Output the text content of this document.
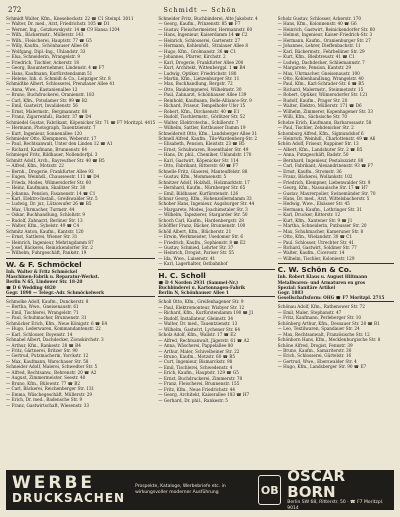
272	Schmidt — Schön
Schmidt Walter, Kfm., Knesebeckstr. 22 ☎ C1 Steinpl. 3011
— Walter, Dr. med., Arzt, Friedrichstr. 105 ☎ D1
— Werner, Ing., Gotzkowskystr. 14 ☎ C9 Hansa 1204
— Wilh., Bäckermstr., Müllerstr. 143
— Wilh., Fleischerei, Hauptstr. 77 ☎ G5
— Willy, Kaufm., Schönhauser Allee 60
— Wolfgang, Dipl.-Ing., Uhlandstr. 33
— Elsa, Schneiderin, Wrangelstr. 9
— Friedrich, Tischler, Ackerstr. 18
— Georg, Bauunternehmer, Lindenstr. 4 ☎ F7
— Hans, Kaufmann, Kurfürstendamm 51
— Helene, Inh. d. Schmidt & Co., Leipziger Str. 8
Schmidtke Albert, Schlosserei, Prenzlauer Allee 41
— Anna, Wwe., Kastanienallee 12
— Bruno, Buchdruckerei, Oranienstr. 183
— Carl, Kfm., Potsdamer Str. 99 ☎ B2
— Emil, Gastwirt, Invalidenstr. 56
— Ernst, Malermstr., Bergmannstr. 88
— Franz, Zigarrenhdl., Badstr. 37 ☎ D4
Schmiedel Gustav, Fabrikant, Köpenicker Str. 71 ☎ F7 Moritzpl. 4415
— Hermann, Photograph, Tauentzienstr. 7
— Kurt, Ingenieur, Sonnenallee 120
Schmieder Otto, Klempnerei, Weberstr. 17
— Paul, Rechtsanwalt, Unter den Linden 12 ☎ A1
— Richard, Kaufmann, Brunnenstr. 64
Schmiegel Fritz, Bildhauer, Nollendorfpl. 3
Schmitt Adolf, Arch., Bayreuther Str. 40 ☎ B5
— Alfred, Kfm., Motzstr. 22
— Bernh., Drogerie, Frankfurter Allee 93
— Eugen, Weinhdl., Chausseestr. 111 ☎ D4
— Frieda, Modes, Wilmersdorfer Str. 60
— Heinz, Kaufmann, Skalitzer Str. 30
— Johanna, Pension, Fasanenstr. 14 ☎ C1
— Karl, Elektro-Install., Greifswalder Str. 5
— Ludwig, Dr. jur., Lützowufer 26 ☎ B5
— Max, Uhrmacher, Turmstr. 44
— Oskar, Buchhandlung, Schloßstr. 9
— Rudolf, Zahnarzt, Berliner Str. 13
— Walter, Kfm., Sybelstr. 49 ☎ C4
Schmitz Anton, Kaufm., Kantstr. 120
— Ernst, Sattlerei, Wiener Str. 31
— Heinrich, Ingenieur, Mehringdamm 87
— Josef, Bäckerei, Reinickendorfer Str. 2
— Wilhelm, Fuhrgeschäft, Pankstr. 19
W. & F. Schmöckel
Inh. Walter & Fritz Schmöckel
Maschinen-Fabrik u. Reparatur-Werkst.
Berlin N 65, Lindower Str. 18-20
☎ D 6 Wedding 4820
Gegr. 1898 — Telegr.-Adr. Schmöckelwerk
Schmolke Adolf, Kaufm., Dunckerstr. 8
— Bertha, Wwe., Gneisenaustr. 61
— Emil, Tischlerei, Wrangelstr. 71
— Paul, Schuhmacher, Brunnenstr. 31
Schmücker Erich, Kfm., Neue Königstr. 6 ☎ E4
— Hugo, Lederwaren, Kommandantenstr. 22
— Karl, Schlosser, Boyenstr. 14
Schnabel Albert, Dachdecker, Zionskirchstr. 3
— Arthur, Kfm., Rankestr. 28 ☎ B4
— Fritz, Gärtnerei, Britzer Str. 90
— Gertrud, Putzmacherin, Yorckstr. 12
— Max, Kaufmann, Warschauer Str. 58
Schneider Adolf, Malerei, Schwedter Str. 5
— Alfred, Rechtsanw., Behrenstr. 20 ☎ A2
— August, Zimmermeister, Seestr. 40
— Bruno, Kfm., Bülowstr. 77 ☎ B2
— Carl, Bäckerei, Reichenberger Str. 131
— Emma, Wäschegeschäft, Müllerstr. 29
— Erich, Dr. med., Badensche Str. 9
— Franz, Gastwirtschaft, Wiesenstr. 33
Schneider Fritz, Buchbinderei, Alte Jakobstr. 4
— Georg, Kaufm., Prinzenstr. 85 ☎ F7
— Gustav, Fleischermeister, Hermannstr. 60
— Hans, Ingenieur, Kaiserdamm 14 ☎ C2
— Heinrich, Schlosserei, Gartenstr. 27
— Hermann, Kohlenhdl., Stralauer Allee 8
— Hugo, Kfm., Grolmanstr. 36 ☎ C1
— Johannes, Pfarrer, Kirchstr. 2
— Karl, Drogerie, Frankfurter Allee 200
— Kurt, Architekt, Wittenbergpl. 1 ☎ B4
— Ludwig, Optiker, Friedrichstr. 180
— Martin, Kfm., Lietzenburger Str. 11
— Max, Buchhandlung, Bergstr. 72
— Otto, Bauklempnerei, Wilhelmstr. 30
— Paul, Zahnarzt, Schönhauser Allee 139
— Reinhold, Kaufmann, Belle-Alliance-Str. 9
— Richard, Friseur, Tempelhofer Ufer 15
— Robert, Kfm., Dircksenstr. 40 ☎ E1
— Rudolf, Tischlermstr., Görlitzer Str. 52
— Walter, Elektrotechn., Schillerstr. 7
— Wilhelm, Sattler, Kottbusser Damm 19
Schneidereit Otto, Kfm., Landsberger Allee 31
Schnell Alfred, Kaufm., Tile-Wardenberg-Str. 2
— Elisabeth, Pension, Kleiststr. 23 ☎ B5
— Ernst, Schuhwaren, Rosenthaler Str. 49
— Hans, Dr. phil., Chemiker, Uhlandstr. 170
— Karl, Gastwirt, Köpenicker Str. 114
— Otto, Fabrikant, Ritterstr. 60 ☎ F7
Schnelle Fritz, Glaserei, Manteuffelstr. 88
— Gustav, Kfm., Mommsenstr. 5
Schnitzer Adolf, Holzhdl., Holzmarktstr. 17
— Bernhard, Kaufm., Nürnberger Str. 65
— Emil, Bildhauer, Kurfürstenstr. 126
Schnur Georg, Kfm., Hohenzollerndamm 33
Schober Hans, Ingenieur, Augsburger Str. 44
— Margarete, Modes, Joachimstaler Str. 3
— Wilhelm, Tapezierer, Stargarder Str. 50
Schoch Carl, Kaufm., Hardenbergstr. 28
Schöffler Franz, Bäcker, Brunnenstr. 100
Schöll Albert, Kfm., Blücherstr. 21
— Erwin, Werkmeister, Usedomer Str. 6
— Friedrich, Kaufm., Sophienstr. 8 ☎ E2
— Gustav, Schmied, Lehrter Str. 37
— Heinrich, Drogist, Pariser Str. 55
— Ida, Wwe., Luisenstr. 41
— Karl, Lagerhalter, Ostbahnhof
H. C. Scholl
☎ D 4 Norden 2931 (Sammel-Nr.)
Buchbinderei u. Kartonnagen-Fabrik
Berlin N, Schönhauser Allee 1
Scholl Otto, Kfm., Greifenhagener Str. 9
— Paul, Elektromonteur, Wisbyer Str. 12
— Richard, Kfm., Kurfürstendamm 190 ☎ J1
— Rudolf, Installateur, Gleimstr. 34
— Walter, Dr. med., Tauentzienstr. 13
— Wilhelm, Gastwirt, Lychener Str. 64
Scholz Adolf, Kfm., Wallstr. 17 ☎ E2
— Alfred, Rechtsanwalt, Jägerstr. 61 ☎ A2
— Anna, Wäscherei, Pappelallee 80
— Arthur, Maler, Schivelbeiner Str. 22
— Bruno, Kaufm., Motzstr. 60 ☎ B5
— Curt, Ingenieur, Bismarckstr. 98
— Emil, Tischlerei, Schwedenstr. 4
— Erich, Kaufm., Hauptstr. 129 ☎ G5
— Ernst, Buchdruckerei, Zimmerstr. 78
— Franz, Fleischerei, Brunnenstr. 155
— Fritz, Kfm., Neue Friedrichstr. 44
— Georg, Architekt, Kaiserallee 183 ☎ H7
— Gerhard, Dr. phil., Rankestr. 5
Scholz Gustav, Schlosser, Ackerstr. 170
— Hans, Kfm., Kolonnenstr. 40 ☎ G6
— Heinrich, Gastwirt, Reinickendorfer Str. 60
— Helmut, Ingenieur, Kaiser-Friedrich-Str. 3
— Hermann, Kaufm., Oranienburger Str. 27
— Johannes, Lehrer, Dieffenbachstr. 11
— Karl, Bäckermstr., Fehrbelliner Str. 29
— Kurt, Kfm., Bleibtreustr. 41 ☎ C1
— Ludwig, Dachdecker, Schliemannstr. 7
— Margarete, Pension, Kantstr. 29
— Max, Uhrmacher, Gneisenaustr. 100
— Otto, Kohlenhandlung, Wrangelstr. 40
— Paul, Kfm., Karl-Schrader-Str. 6 ☎ B5
— Richard, Malermstr., Steinmetzstr. 15
— Robert, Optiker, Wilmersdorfer Str. 121
— Rudolf, Kaufm., Prager Str. 20
— Walter, Elektro, Müllerstr. 171 ☎ D6
— Wilhelm, Zimmerer, Kopenhagener Str. 33
— Willi, Kfm., Sächsische Str. 70
Scholze Erich, Kaufmann, Barbarossastr. 58
— Paul, Tischler, Zehdenicker Str. 2
Schomburg Alfred, Kfm., Sigmundshof 6
— Heinrich, Weinhdl., Charlottenstr. 49 ☎ A6
Schön Adolf, Friseur, Ruppiner Str. 13
— Albert, Kfm., Landshuter Str. 2 ☎ B5
— Anna, Putzgeschäft, Badstr. 50
— Bernhard, Ingenieur, Pestalozzistr. 88
— Carl, Fabrikant, Alexandrinenstr. 93 ☎ F7
— Ernst, Kaufm., Stromstr. 36
— Franz, Bäckerei, Wollankstr. 102
— Friedrich, Klempner, Liebenwalder Str. 9
— Georg, Kfm., Nassauische Str. 17 ☎ H7
— Gustav, Maurerpolier, Swinemünder Str. 70
— Hans, Dr. med., Arzt, Wittelsbacherstr. 5
— Hedwig, Wwe., Elsässer Str. 45
— Hermann, Kaufm., Lothringer Str. 31
— Karl, Drucker, Ritterstr. 12
— Kurt, Kfm., Xantener Str. 9 ☎ J1
— Martha, Schneiderin, Putbusser Str. 20
— Max, Schuhmacher, Kameruner Str. 8
— Otto, Kfm., Wielandstr. 30 ☎ C1
— Paul, Schlosser, Utrechter Str. 41
— Richard, Gastwirt, Soldiner Str. 77
— Walter, Kaufm., Cicerostr. 14
— Wilhelm, Tischler, Koloniestr. 129
C. W. Schön & Co.
Inh. Robert Klaus u. August Hiltmann
Metallwaren- und Armaturen en gros
Spezial: Sanitäre Artikel
Gegr. 1883
Gesellschaftsform: OHG ☎ F7 Moritzpl. 2715
Schönau Adolf, Kfm., Rathenower Str. 72
— Emil, Maler, Stephanstr. 47
— Fritz, Kaufmann, Perleberger Str. 10
Schönberg Arthur, Kfm., Dessauer Str. 28 ☎ B1
— Leo, Textilwaren, Spandauer Str. 24
— Max, Rechtsanwalt, Französische Str. 12
Schönborn Hans, Kfm., Mecklenburgische Str. 8
Schöne Alfred, Drogist, Fennstr. 39
— Bruno, Kaufm., Samariterstr. 30
— Erich, Schlosserei, Gürtelstr. 16
— Gertrud, Wwe., Eberswalder Str. 4
— Hugo, Kfm., Landsberger Str. 90 ☎ E7
WERBE
DRUCKSACHEN
Prospekte, Kataloge, Werbebriefe etc. in wirkungsvoller moderner Ausführung	OB
OSCAR BORN
Berlin SW 68, Ritterstr. 50 · ☎ F7 Moritzpl. 9014
